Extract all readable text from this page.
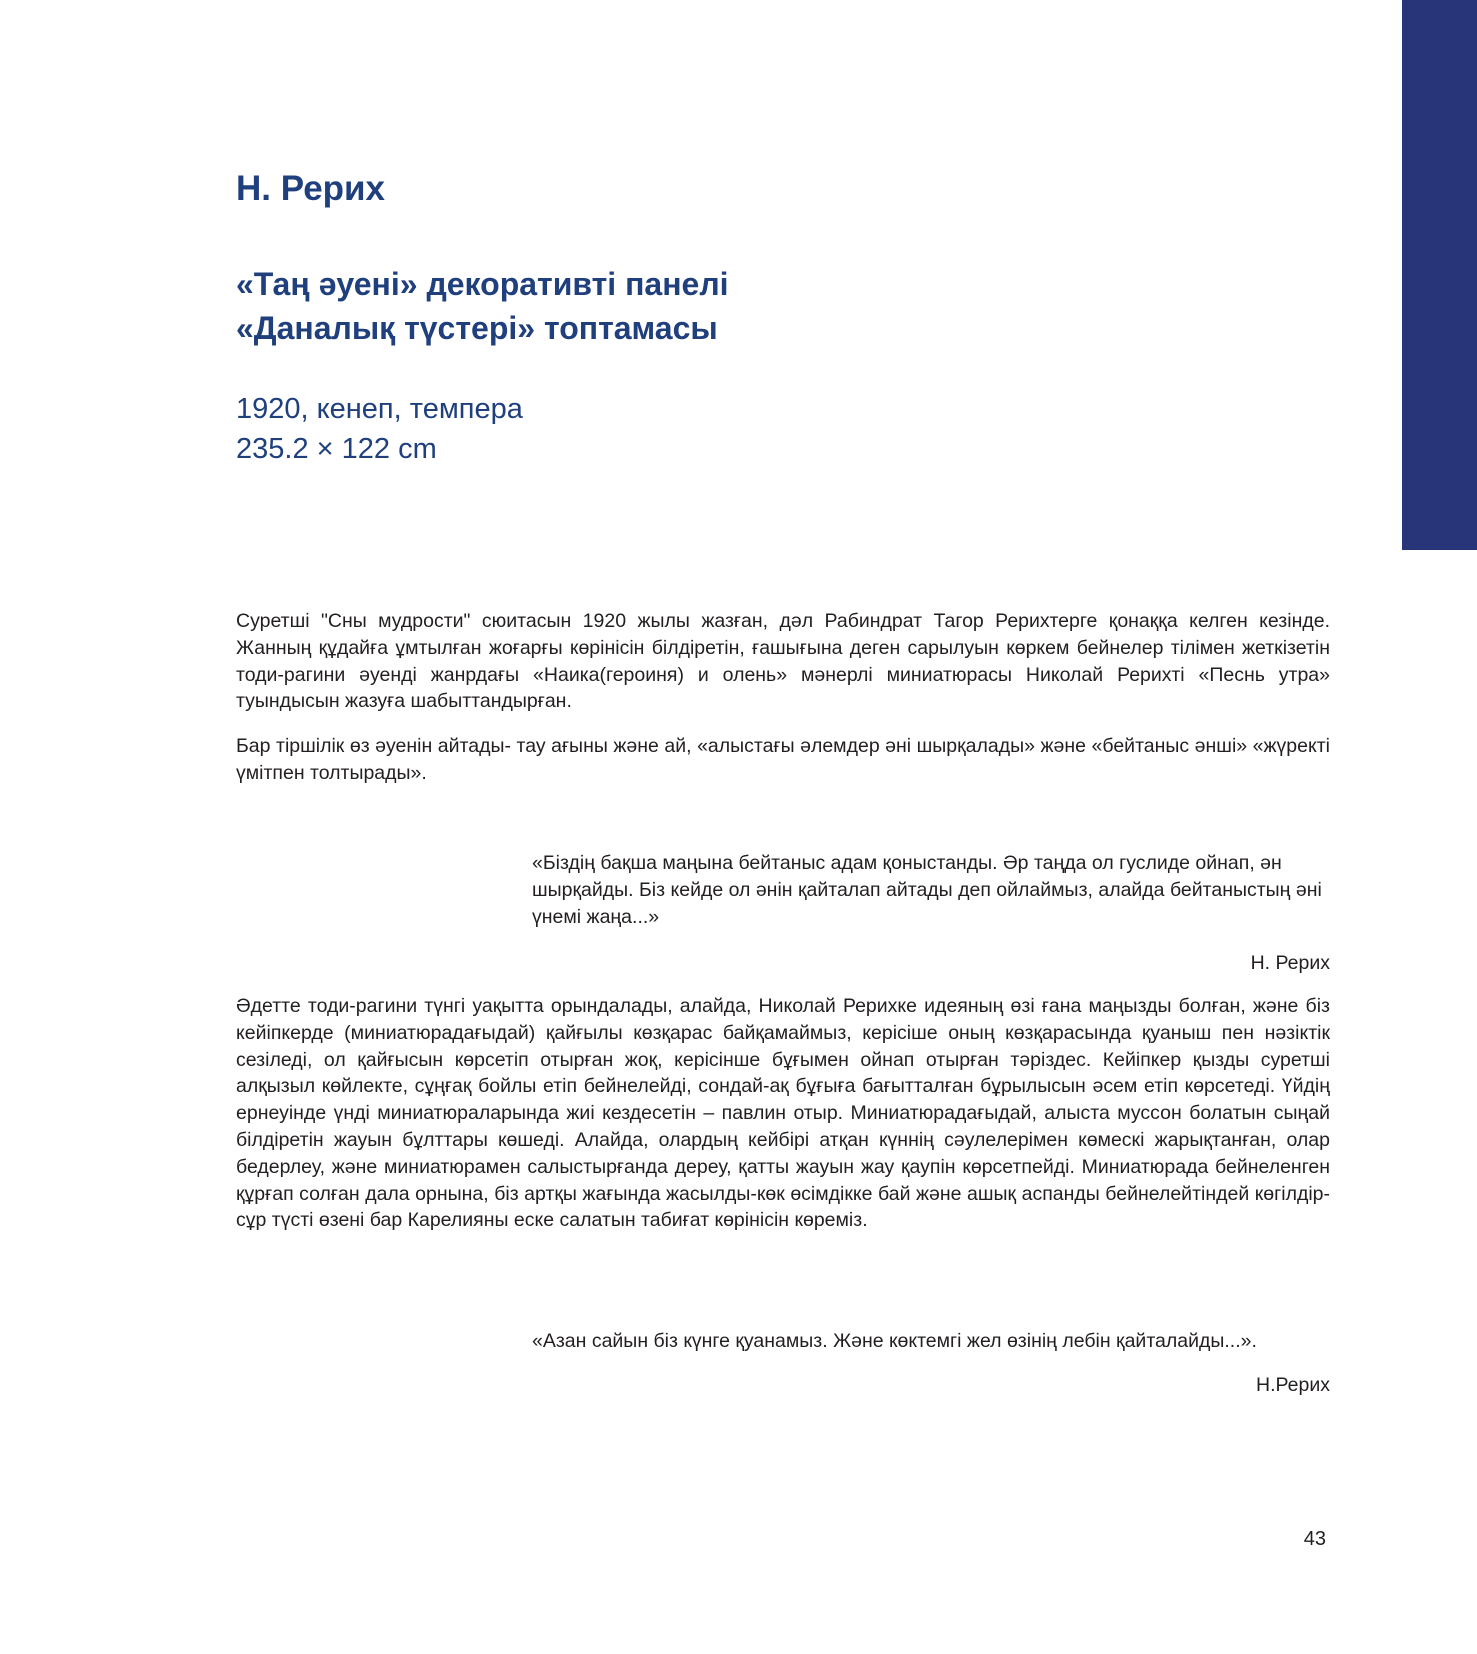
Н. Рерих
«Таң әуені» декоративті панелі
«Даналық түстері» топтамасы
1920, кенеп, темпера
235.2 × 122 cm

Суретші "Сны мудрости" сюитасын 1920 жылы жазған, дәл Рабиндрат Тагор Рерихтерге қонаққа келген кезінде. Жанның құдайға ұмтылған жоғарғы көрінісін білдіретін, ғашығына деген сарылуын көркем бейнелер тілімен жеткізетін тоди-рагини әуенді жанрдағы «Наика(героиня) и олень» мәнерлі миниатюрасы Николай Рерихті «Песнь утра» туындысын жазуға шабыттандырған.

Бар тіршілік өз әуенін айтады- тау ағыны және ай, «алыстағы әлемдер әні шырқалады» және «бейтаныс әнші» «жүректі үмітпен толтырады».

«Біздің бақша маңына бейтаныс адам қоныстанды. Әр таңда ол гуслиде ойнап, ән шырқайды. Біз кейде ол әнін қайталап айтады деп ойлаймыз, алайда бейтаныстың әні үнемі жаңа...»

Н. Рерих

Әдетте тоди-рагини түнгі уақытта орындалады, алайда, Николай Рерихке идеяның өзі ғана маңызды болған, және біз кейіпкерде (миниатюрадағыдай) қайғылы көзқарас байқамаймыз, керісіше оның көзқарасында қуаныш пен нәзіктік сезіледі, ол қайғысын көрсетіп отырған жоқ, керісінше бұғымен ойнап отырған тәріздес. Кейіпкер қызды суретші алқызыл көйлекте, сұңғақ бойлы етіп бейнелейді, сондай-ақ бұғыға бағытталған бұрылысын әсем етіп көрсетеді. Үйдің ернеуінде үнді миниатюраларында жиі кездесетін – павлин отыр. Миниатюрадағыдай, алыста муссон болатын сыңай білдіретін жауын бұлттары көшеді. Алайда, олардың кейбірі атқан күннің сәулелерімен көмескі жарықтанған, олар бедерлеу, және миниатюрамен салыстырғанда дереу, қатты жауын жау қаупін көрсетпейді. Миниатюрада бейнеленген құрғап солған дала орнына, біз артқы жағында жасылды-көк өсімдікке бай және ашық аспанды бейнелейтіндей көгілдір-сұр түсті өзені бар Карелияны еске салатын табиғат көрінісін көреміз.

«Азан сайын біз күнге қуанамыз. Және көктемгі жел өзінің лебін қайталайды...».

Н.Рерих

43
